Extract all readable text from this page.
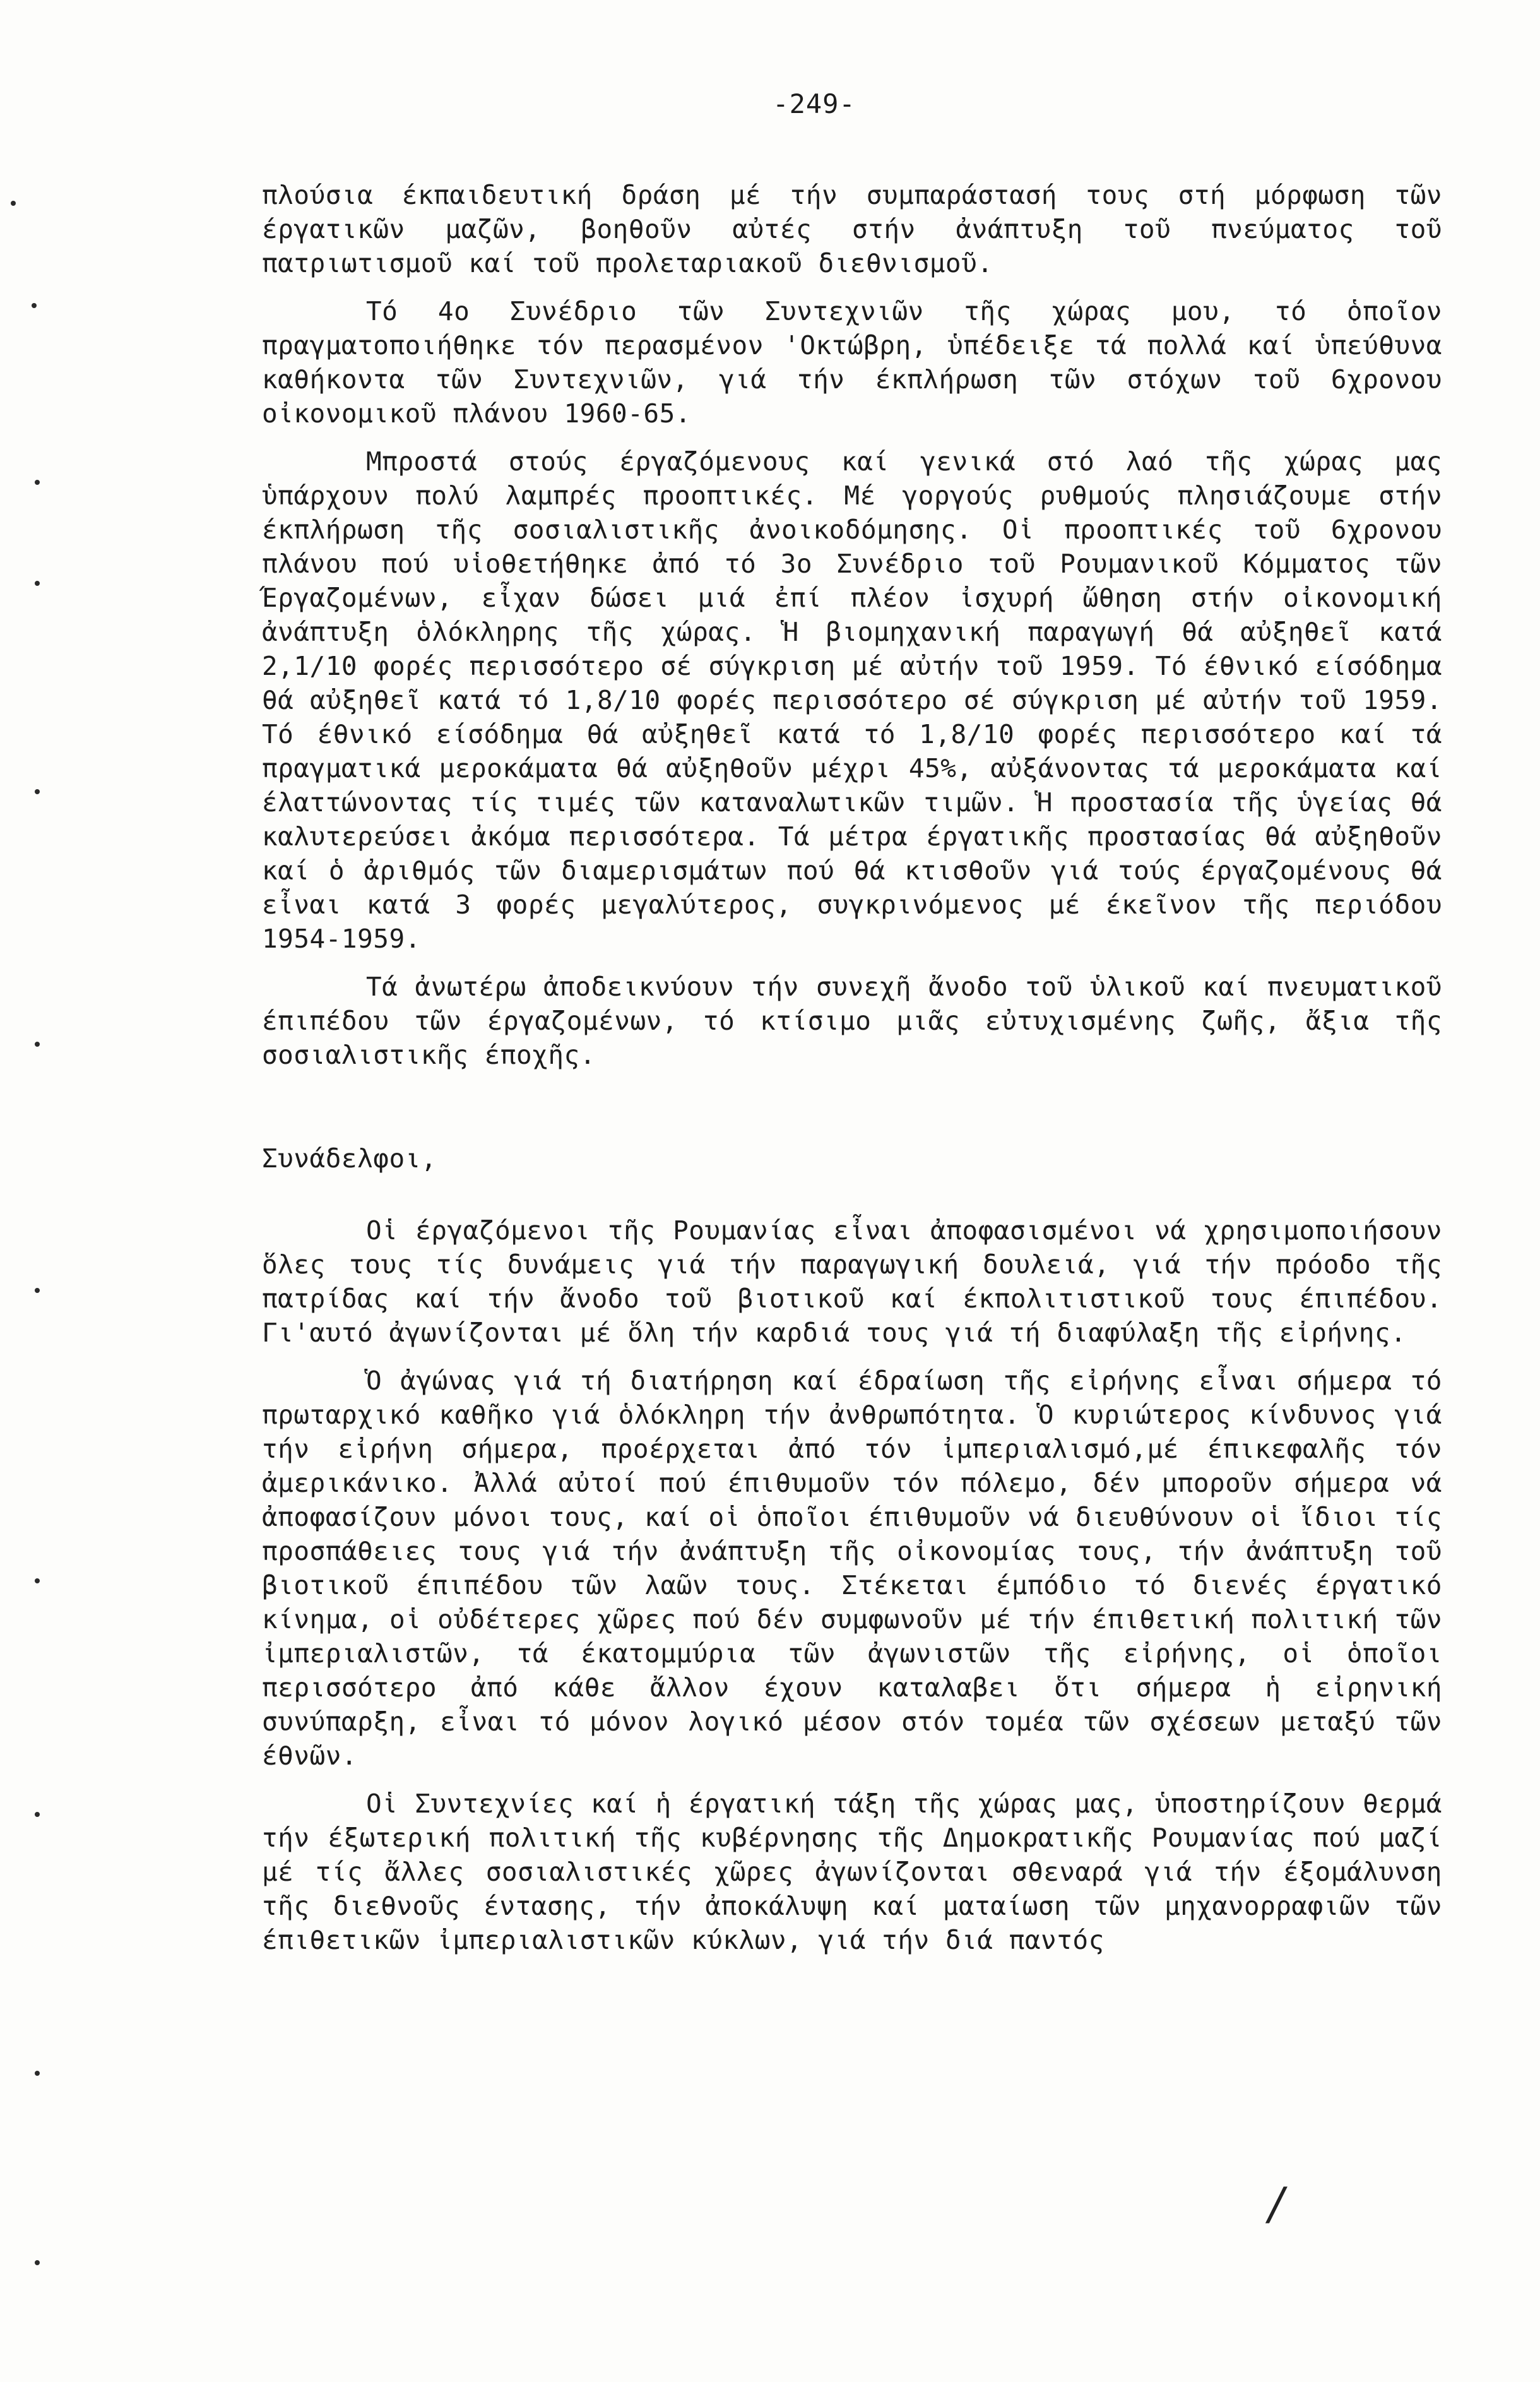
-249-

πλούσια έκπαιδευτική δράση μέ τήν συμπαράστασή τους στή μόρφωση τῶν έργατικῶν μαζῶν, βοηθοῦν αὐτές στήν ἀνάπτυξη τοῦ πνεύματος τοῦ πατριωτισμοῦ καί τοῦ προλεταριακοῦ διεθνισμοῦ.

Τό 4ο Συνέδριο τῶν Συντεχνιῶν τῆς χώρας μου, τό ὁποῖον πραγματοποιήθηκε τόν περασμένον 'Οκτώβρη, ὑπέδειξε τά πολλά καί ὑπεύθυνα καθήκοντα τῶν Συντεχνιῶν, γιά τήν έκπλήρωση τῶν στόχων τοῦ 6χρονου οἰκονομικοῦ πλάνου 1960-65.

Μπροστά στούς έργαζόμενους καί γενικά στό λαό τῆς χώρας μας ὑπάρχουν πολύ λαμπρές προοπτικές. Μέ γοργούς ρυθμούς πλησιάζουμε στήν έκπλήρωση τῆς σοσιαλιστικῆς ἀνοικοδόμησης. Οἱ προοπτικές τοῦ 6χρονου πλάνου πού υἱοθετήθηκε ἀπό τό 3ο Συνέδριο τοῦ Ρουμανικοῦ Κόμματος τῶν Έργαζομένων, εἶχαν δώσει μιά ἐπί πλέον ἰσχυρή ὤθηση στήν οἰκονομική ἀνάπτυξη ὁλόκληρης τῆς χώρας. Ἡ βιομηχανική παραγωγή θά αὐξηθεῖ κατά 2,1/10 φορές περισσότερο σέ σύγκριση μέ αὐτήν τοῦ 1959. Τό έθνικό είσόδημα θά αὐξηθεῖ κατά τό 1,8/10 φορές περισσότερο σέ σύγκριση μέ αὐτήν τοῦ 1959. Τό έθνικό είσόδημα θά αὐξηθεῖ κατά τό 1,8/10 φορές περισσότερο καί τά πραγματικά μεροκάματα θά αὐξηθοῦν μέχρι 45%, αὐξάνοντας τά μεροκάματα καί έλαττώνοντας τίς τιμές τῶν καταναλωτικῶν τιμῶν. Ἡ προστασία τῆς ὑγείας θά καλυτερεύσει ἀκόμα περισσότερα. Τά μέτρα έργατικῆς προστασίας θά αὐξηθοῦν καί ὁ ἀριθμός τῶν διαμερισμάτων πού θά κτισθοῦν γιά τούς έργαζομένους θά εἶναι κατά 3 φορές μεγαλύτερος, συγκρινόμενος μέ έκεῖνον τῆς περιόδου 1954-1959.

Τά ἀνωτέρω ἀποδεικνύουν τήν συνεχῆ ἄνοδο τοῦ ὑλικοῦ καί πνευματικοῦ έπιπέδου τῶν έργαζομένων, τό κτίσιμο μιᾶς εὐτυχισμένης ζωῆς, ἄξια τῆς σοσιαλιστικῆς έποχῆς.

Συνάδελφοι,

Οἱ έργαζόμενοι τῆς Ρουμανίας εἶναι ἀποφασισμένοι νά χρησιμοποιήσουν ὅλες τους τίς δυνάμεις γιά τήν παραγωγική δουλειά, γιά τήν πρόοδο τῆς πατρίδας καί τήν ἄνοδο τοῦ βιοτικοῦ καί έκπολιτιστικοῦ τους έπιπέδου. Γι'αυτό ἀγωνίζονται μέ ὅλη τήν καρδιά τους γιά τή διαφύλαξη τῆς εἰρήνης.

Ὁ ἀγώνας γιά τή διατήρηση καί έδραίωση τῆς εἰρήνης εἶναι σήμερα τό πρωταρχικό καθῆκο γιά ὁλόκληρη τήν ἀνθρωπότητα. Ὁ κυριώτερος κίνδυνος γιά τήν εἰρήνη σήμερα, προέρχεται ἀπό τόν ἰμπεριαλισμό,μέ έπικεφαλῆς τόν ἀμερικάνικο. Ἀλλά αὐτοί πού έπιθυμοῦν τόν πόλεμο, δέν μποροῦν σήμερα νά ἀποφασίζουν μόνοι τους, καί οἱ ὁποῖοι έπιθυμοῦν νά διευθύνουν οἱ ἴδιοι τίς προσπάθειες τους γιά τήν ἀνάπτυξη τῆς οἰκονομίας τους, τήν ἀνάπτυξη τοῦ βιοτικοῦ έπιπέδου τῶν λαῶν τους. Στέκεται έμπόδιο τό διενές έργατικό κίνημα, οἱ οὐδέτερες χῶρες πού δέν συμφωνοῦν μέ τήν έπιθετική πολιτική τῶν ἰμπεριαλιστῶν, τά έκατομμύρια τῶν ἀγωνιστῶν τῆς εἰρήνης, οἱ ὁποῖοι περισσότερο ἀπό κάθε ἄλλον έχουν καταλαβει ὅτι σήμερα ἡ εἰρηνική συνύπαρξη, εἶναι τό μόνον λογικό μέσον στόν τομέα τῶν σχέσεων μεταξύ τῶν έθνῶν.

Οἱ Συντεχνίες καί ἡ έργατική τάξη τῆς χώρας μας, ὑποστηρίζουν θερμά τήν έξωτερική πολιτική τῆς κυβέρνησης τῆς Δημοκρατικῆς Ρουμανίας πού μαζί μέ τίς ἄλλες σοσιαλιστικές χῶρες ἀγωνίζονται σθεναρά γιά τήν έξομάλυνση τῆς διεθνοῦς έντασης, τήν ἀποκάλυψη καί ματαίωση τῶν μηχανορραφιῶν τῶν έπιθετικῶν ἰμπεριαλιστικῶν κύκλων, γιά τήν διά παντός

/
